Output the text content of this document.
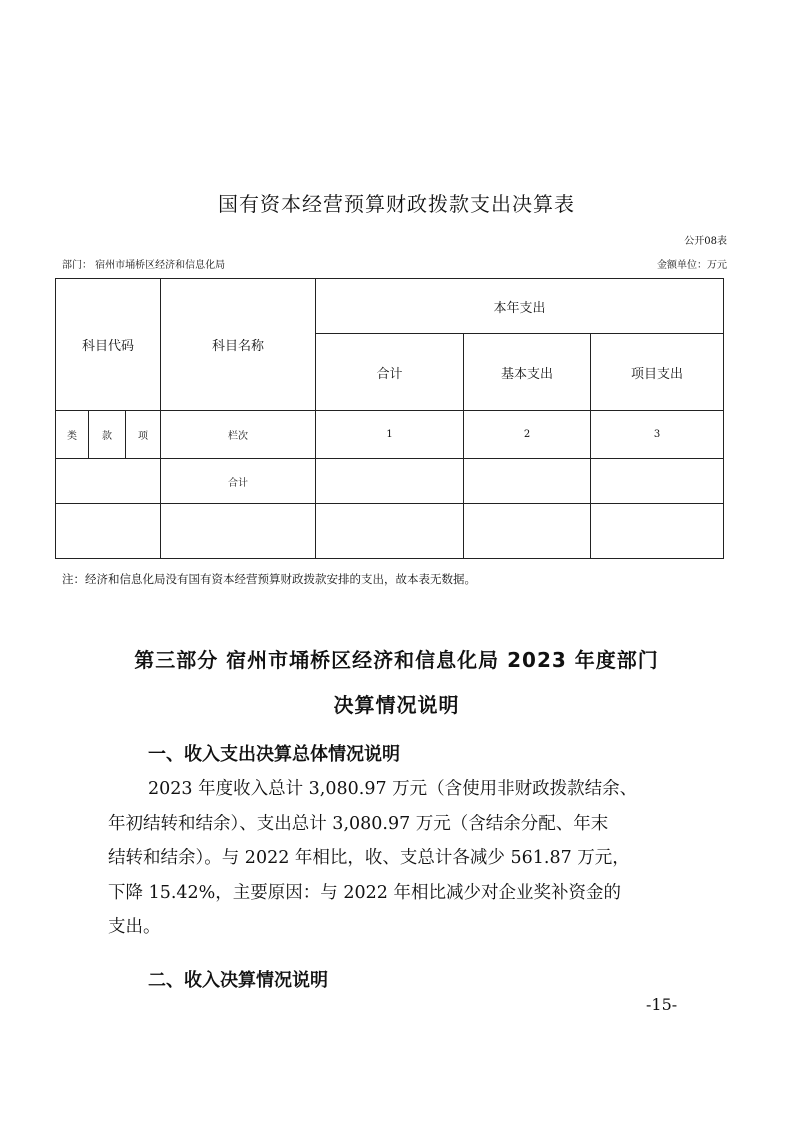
国有资本经营预算财政拨款支出决算表
公开08表
部门： 宿州市埇桥区经济和信息化局	金额单位：万元
科目代码			科目名称	本年支出		
				合计	基本支出	项目支出
类	款	项	栏次	1	2	3
			合计			

注：经济和信息化局没有国有资本经营预算财政拨款安排的支出，故本表无数据。
第三部分 宿州市埇桥区经济和信息化局 2023 年度部门
决算情况说明
一、收入支出决算总体情况说明

2023 年度收入总计 3,080.97 万元（含使用非财政拨款结余、

年初结转和结余）、支出总计 3,080.97 万元（含结余分配、年末

结转和结余）。与 2022 年相比，收、支总计各减少 561.87 万元，

下降 15.42%，主要原因：与 2022 年相比减少对企业奖补资金的

支出。

二、收入决算情况说明
-15-
